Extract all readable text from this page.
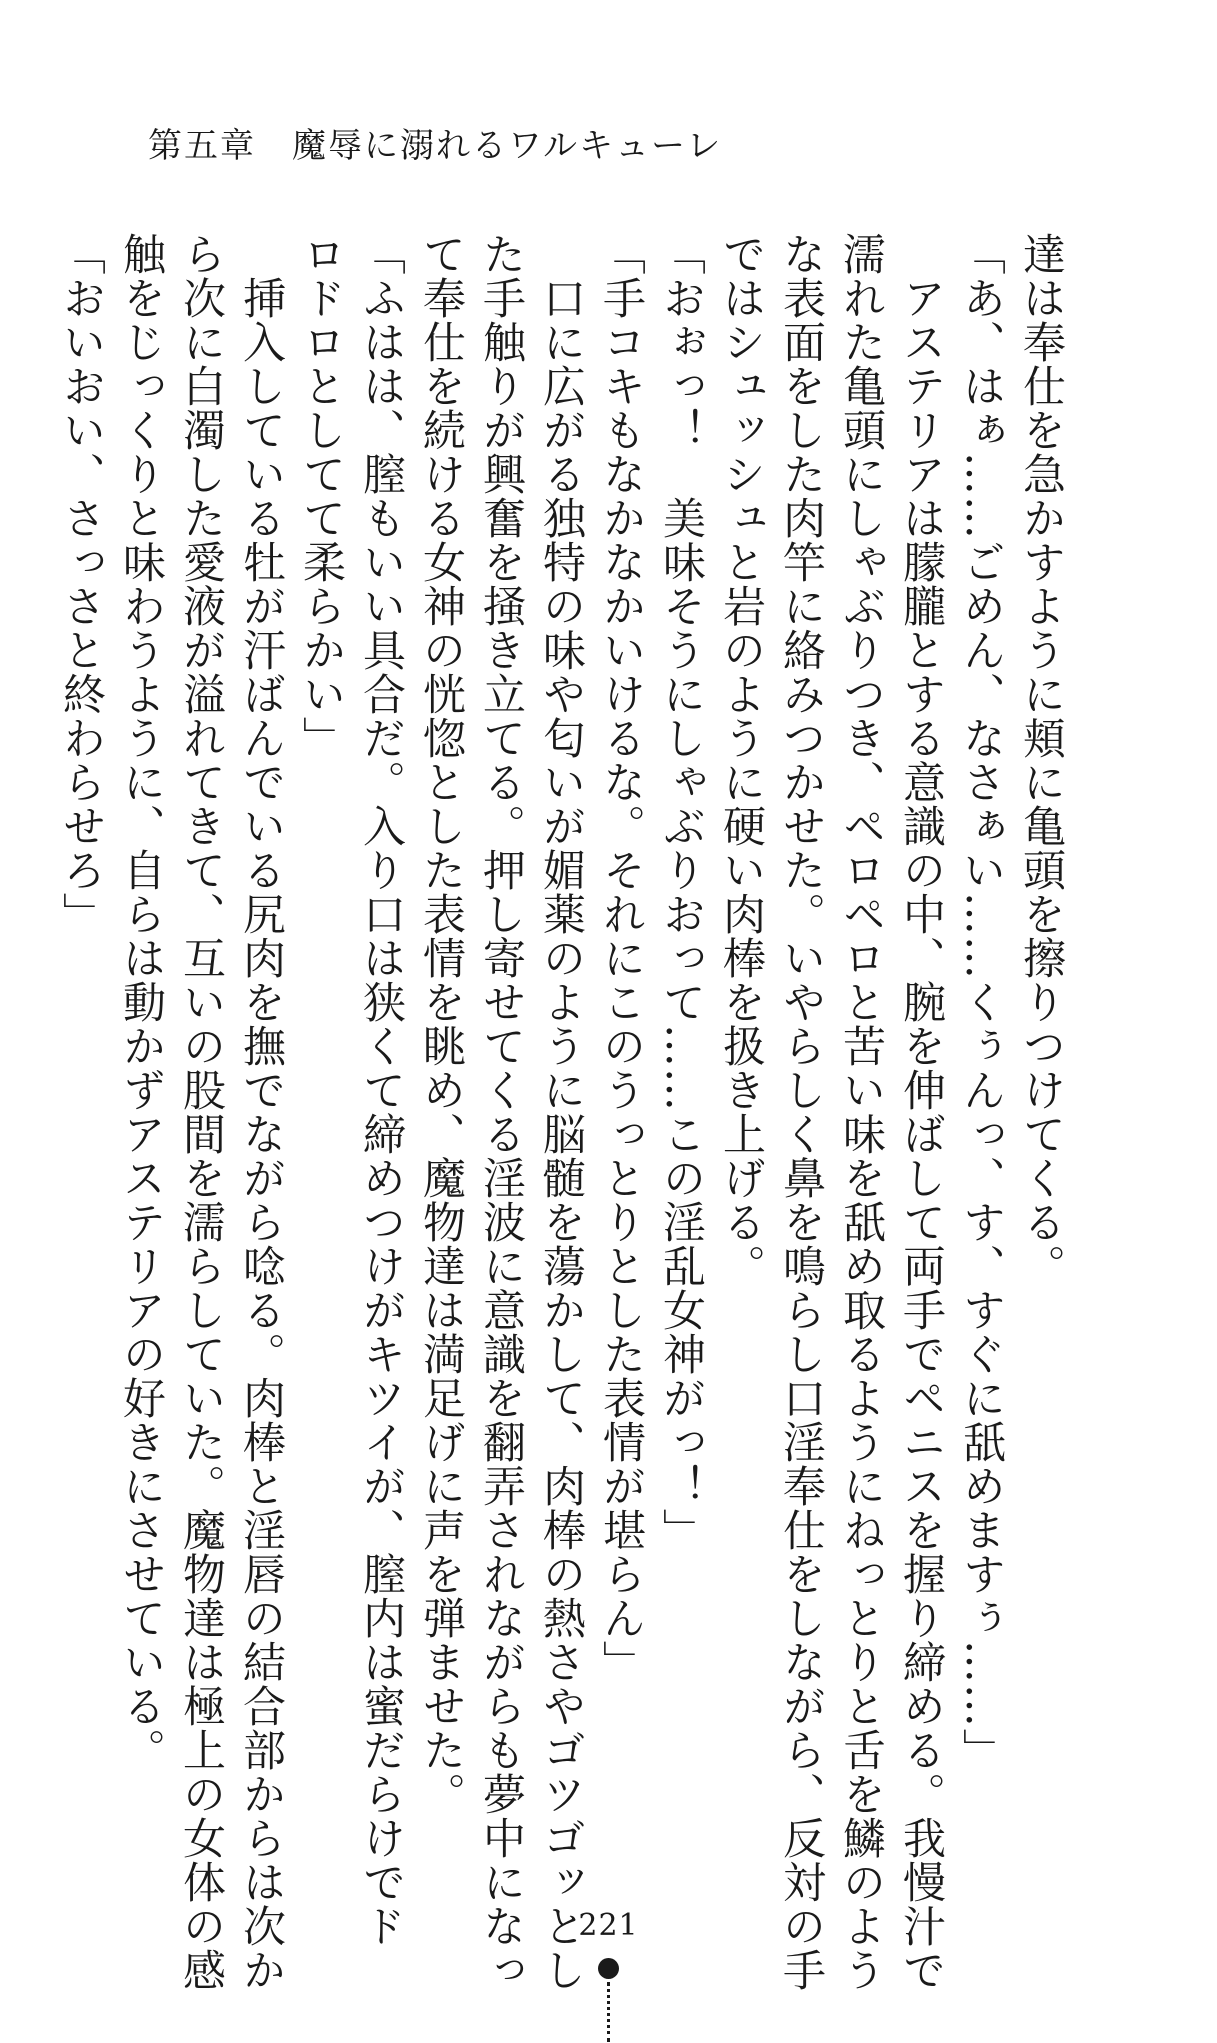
第五章　魔辱に溺れるワルキューレ
達は奉仕を急かすように頬に亀頭を擦りつけてくる。
「あ、はぁ……ごめん、なさぁい……くぅんっ、す、すぐに舐めますぅ……」
　アステリアは朦朧とする意識の中、腕を伸ばして両手でペニスを握り締める。我慢汁で
濡れた亀頭にしゃぶりつき、ペロペロと苦い味を舐め取るようにねっとりと舌を鱗のよう
な表面をした肉竿に絡みつかせた。いやらしく鼻を鳴らし口淫奉仕をしながら、反対の手
ではシュッシュと岩のように硬い肉棒を扱き上げる。
「おぉっ！　美味そうにしゃぶりおって……この淫乱女神がっ！」
「手コキもなかなかいけるな。それにこのうっとりとした表情が堪らん」
　口に広がる独特の味や匂いが媚薬のように脳髄を蕩かして、肉棒の熱さやゴツゴッとし
た手触りが興奮を掻き立てる。押し寄せてくる淫波に意識を翻弄されながらも夢中になっ
て奉仕を続ける女神の恍惚とした表情を眺め、魔物達は満足げに声を弾ませた。
「ふはは、膣もいい具合だ。入り口は狭くて締めつけがキツイが、膣内は蜜だらけでド
ロドロとしてて柔らかい」
　挿入している牡が汗ばんでいる尻肉を撫でながら唸る。肉棒と淫唇の結合部からは次か
ら次に白濁した愛液が溢れてきて、互いの股間を濡らしていた。魔物達は極上の女体の感
触をじっくりと味わうように、自らは動かずアステリアの好きにさせている。
「おいおい、さっさと終わらせろ」
221
